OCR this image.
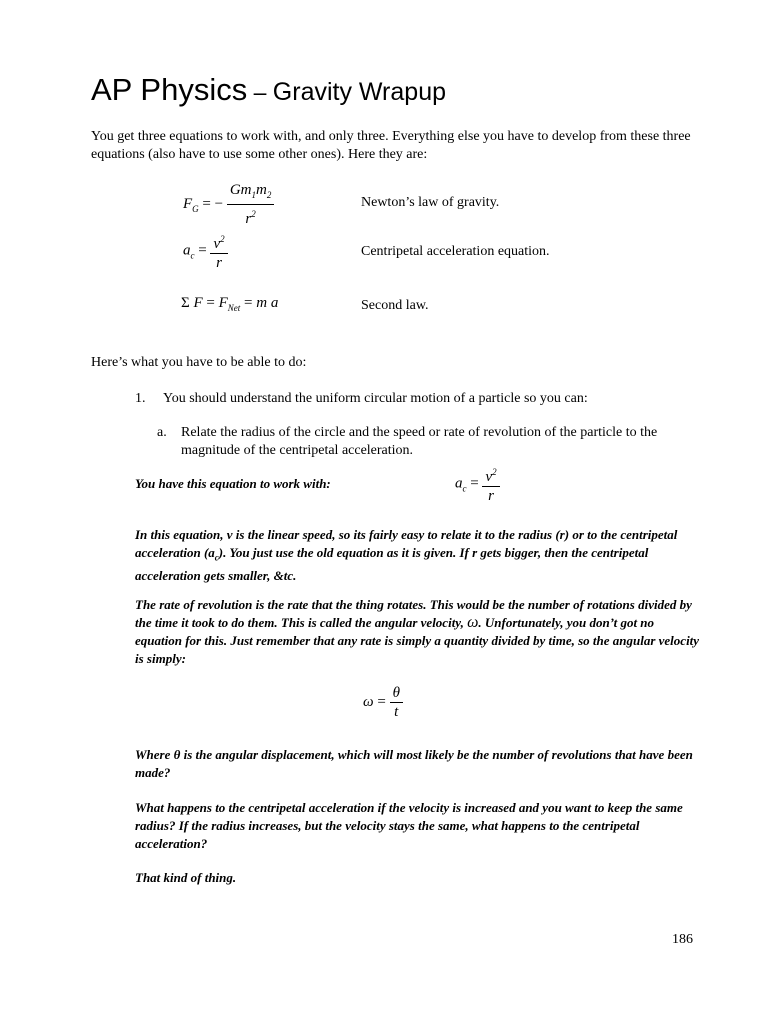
AP Physics – Gravity Wrapup
You get three equations to work with, and only three. Everything else you have to develop from these three equations (also have to use some other ones). Here they are:
$F_G$ = − $\frac{Gm_1m_2}{r^2}$	Newton’s law of gravity.
$a_c = \frac{v^2}{r}$	Centripetal acceleration equation.
Σ $F = F_{Net} = m$ a	Second law.
Here’s what you have to be able to do:
1. You should understand the uniform circular motion of a particle so you can:
a. Relate the radius of the circle and the speed or rate of revolution of the particle to the magnitude of the centripetal acceleration.
You have this equation to work with:	$a_c = \frac{v^2}{r}$
In this equation, v is the linear speed, so its fairly easy to relate it to the radius (r) or to the centripetal acceleration $(a_c)$. You just use the old equation as it is given. If r gets bigger, then the centripetal acceleration gets smaller, &tc.
The rate of revolution is the rate that the thing rotates. This would be the number of rotations divided by the time it took to do them. This is called the angular velocity, ω. Unfortunately, you don’t got no equation for this. Just remember that any rate is simply a quantity divided by time, so the angular velocity is simply:
$\omega = \frac{\theta}{t}$
Where θ is the angular displacement, which will most likely be the number of revolutions that have been made?
What happens to the centripetal acceleration if the velocity is increased and you want to keep the same radius? If the radius increases, but the velocity stays the same, what happens to the centripetal acceleration?
That kind of thing.
186
